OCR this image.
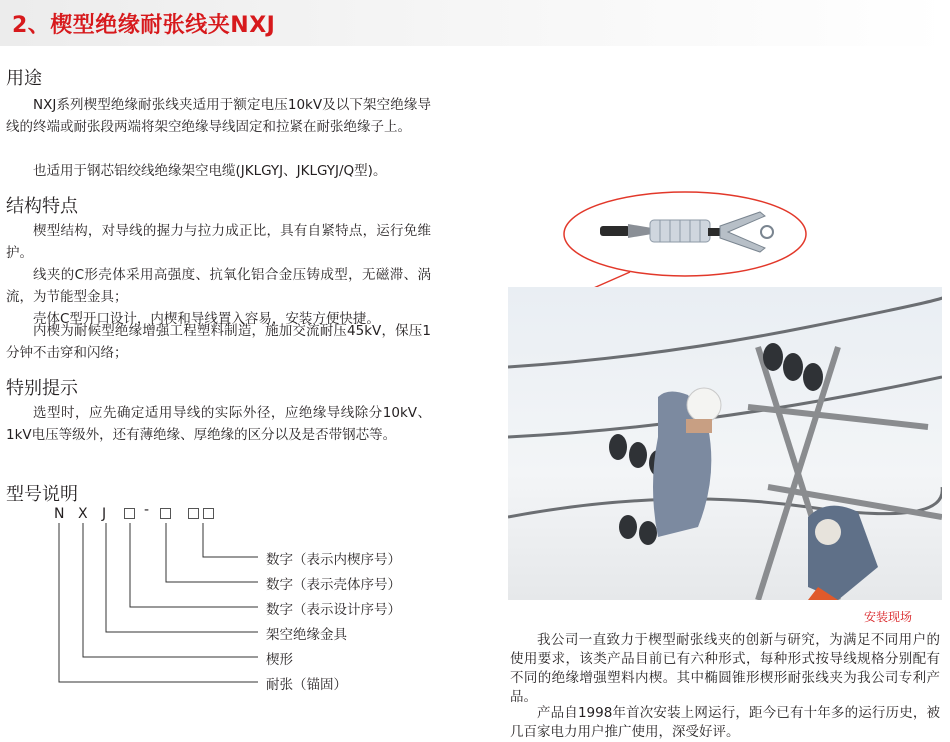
2、楔型绝缘耐张线夹NXJ
用途

NXJ系列楔型绝缘耐张线夹适用于额定电压10kV及以下架空绝缘导线的终端或耐张段两端将架空绝缘导线固定和拉紧在耐张绝缘子上。

也适用于钢芯铝绞线绝缘架空电缆(JKLGYJ、JKLGYJ/Q型)。

结构特点

楔型结构，对导线的握力与拉力成正比，具有自紧特点，运行免维护。

线夹的C形壳体采用高强度、抗氧化铝合金压铸成型，无磁滞、涡流，为节能型金具；

壳体C型开口设计，内楔和导线置入容易，安装方便快捷。

内楔为耐候型绝缘增强工程塑料制造，施加交流耐压45kV，保压1分钟不击穿和闪络；

特别提示

选型时，应先确定适用导线的实际外径，应绝缘导线除分10kV、1kV电压等级外，还有薄绝缘、厚绝缘的区分以及是否带钢芯等。

型号说明
N X J	-
数字（表示内楔序号）
数字（表示壳体序号）
数字（表示设计序号）
架空绝缘金具
楔形
耐张（锚固）
安装现场

我公司一直致力于楔型耐张线夹的创新与研究，为满足不同用户的使用要求，该类产品目前已有六种形式，每种形式按导线规格分别配有不同的绝缘增强塑料内楔。其中椭圆锥形楔形耐张线夹为我公司专利产品。

产品自1998年首次安装上网运行，距今已有十年多的运行历史，被几百家电力用户推广使用，深受好评。
